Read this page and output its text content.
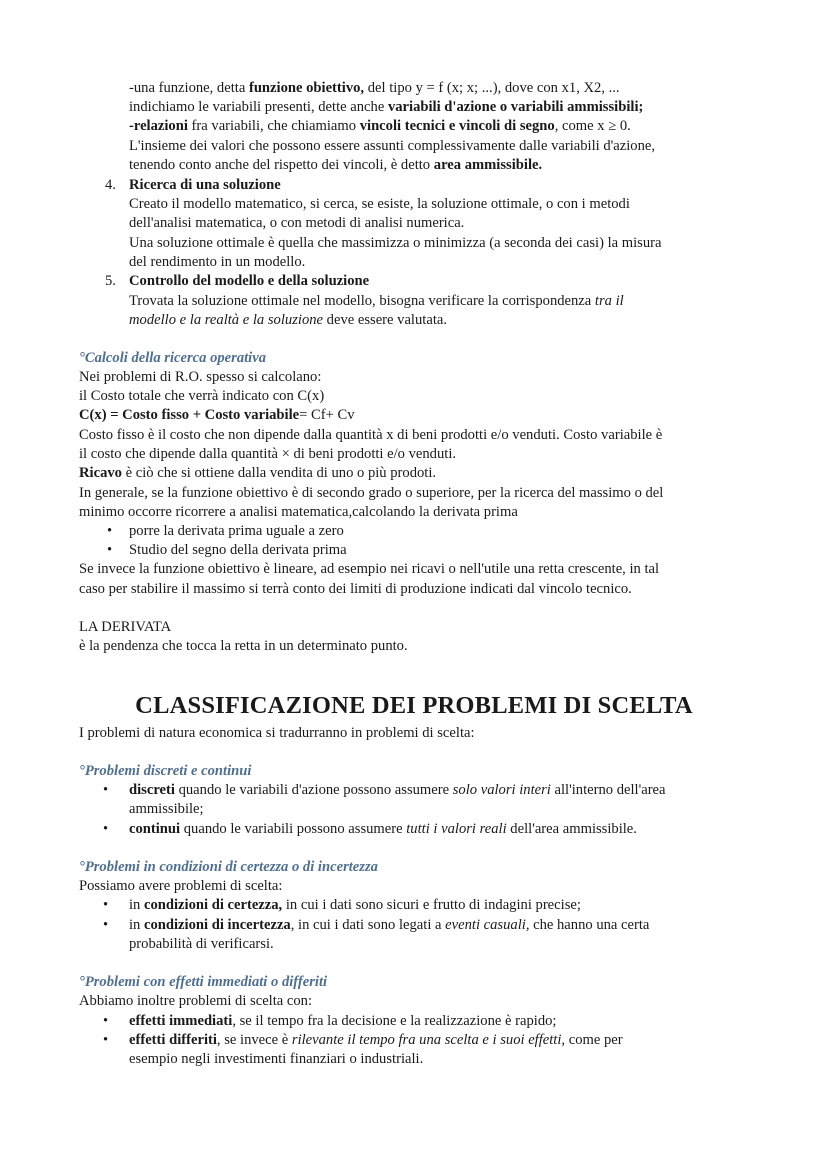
-una funzione, detta funzione obiettivo, del tipo y = f (x; x; ...), dove con x1, X2, ...

indichiamo le variabili presenti, dette anche variabili d'azione o variabili ammissibili;

-relazioni fra variabili, che chiamiamo vincoli tecnici e vincoli di segno, come x ≥ 0.

L'insieme dei valori che possono essere assunti complessivamente dalle variabili d'azione,

tenendo conto anche del rispetto dei vincoli, è detto area ammissibile.

4. Ricerca di una soluzione

Creato il modello matematico, si cerca, se esiste, la soluzione ottimale, o con i metodi

dell'analisi matematica, o con metodi di analisi numerica.

Una soluzione ottimale è quella che massimizza o minimizza (a seconda dei casi) la misura

del rendimento in un modello.

5. Controllo del modello e della soluzione

Trovata la soluzione ottimale nel modello, bisogna verificare la corrispondenza tra il

modello e la realtà e la soluzione deve essere valutata.

°Calcoli della ricerca operativa

Nei problemi di R.O. spesso si calcolano:

il Costo totale che verrà indicato con C(x)

C(x) = Costo fisso + Costo variabile= Cf+ Cv

Costo fisso è il costo che non dipende dalla quantità x di beni prodotti e/o venduti. Costo variabile è

il costo che dipende dalla quantità × di beni prodotti e/o venduti.

Ricavo è ciò che si ottiene dalla vendita di uno o più prodoti.

In generale, se la funzione obiettivo è di secondo grado o superiore, per la ricerca del massimo o del

minimo occorre ricorrere a analisi matematica,calcolando la derivata prima

• porre la derivata prima uguale a zero

• Studio del segno della derivata prima

Se invece la funzione obiettivo è lineare, ad esempio nei ricavi o nell'utile una retta crescente, in tal

caso per stabilire il massimo si terrà conto dei limiti di produzione indicati dal vincolo tecnico.

LA DERIVATA

è la pendenza che tocca la retta in un determinato punto.

CLASSIFICAZIONE DEI PROBLEMI DI SCELTA

I problemi di natura economica si tradurranno in problemi di scelta:

°Problemi discreti e continui

• discreti quando le variabili d'azione possono assumere solo valori interi all'interno dell'area

ammissibile;

• continui quando le variabili possono assumere tutti i valori reali dell'area ammissibile.

°Problemi in condizioni di certezza o di incertezza

Possiamo avere problemi di scelta:

• in condizioni di certezza, in cui i dati sono sicuri e frutto di indagini precise;

• in condizioni di incertezza, in cui i dati sono legati a eventi casuali, che hanno una certa

probabilità di verificarsi.

°Problemi con effetti immediati o differiti

Abbiamo inoltre problemi di scelta con:

• effetti immediati, se il tempo fra la decisione e la realizzazione è rapido;

• effetti differiti, se invece è rilevante il tempo fra una scelta e i suoi effetti, come per

esempio negli investimenti finanziari o industriali.
